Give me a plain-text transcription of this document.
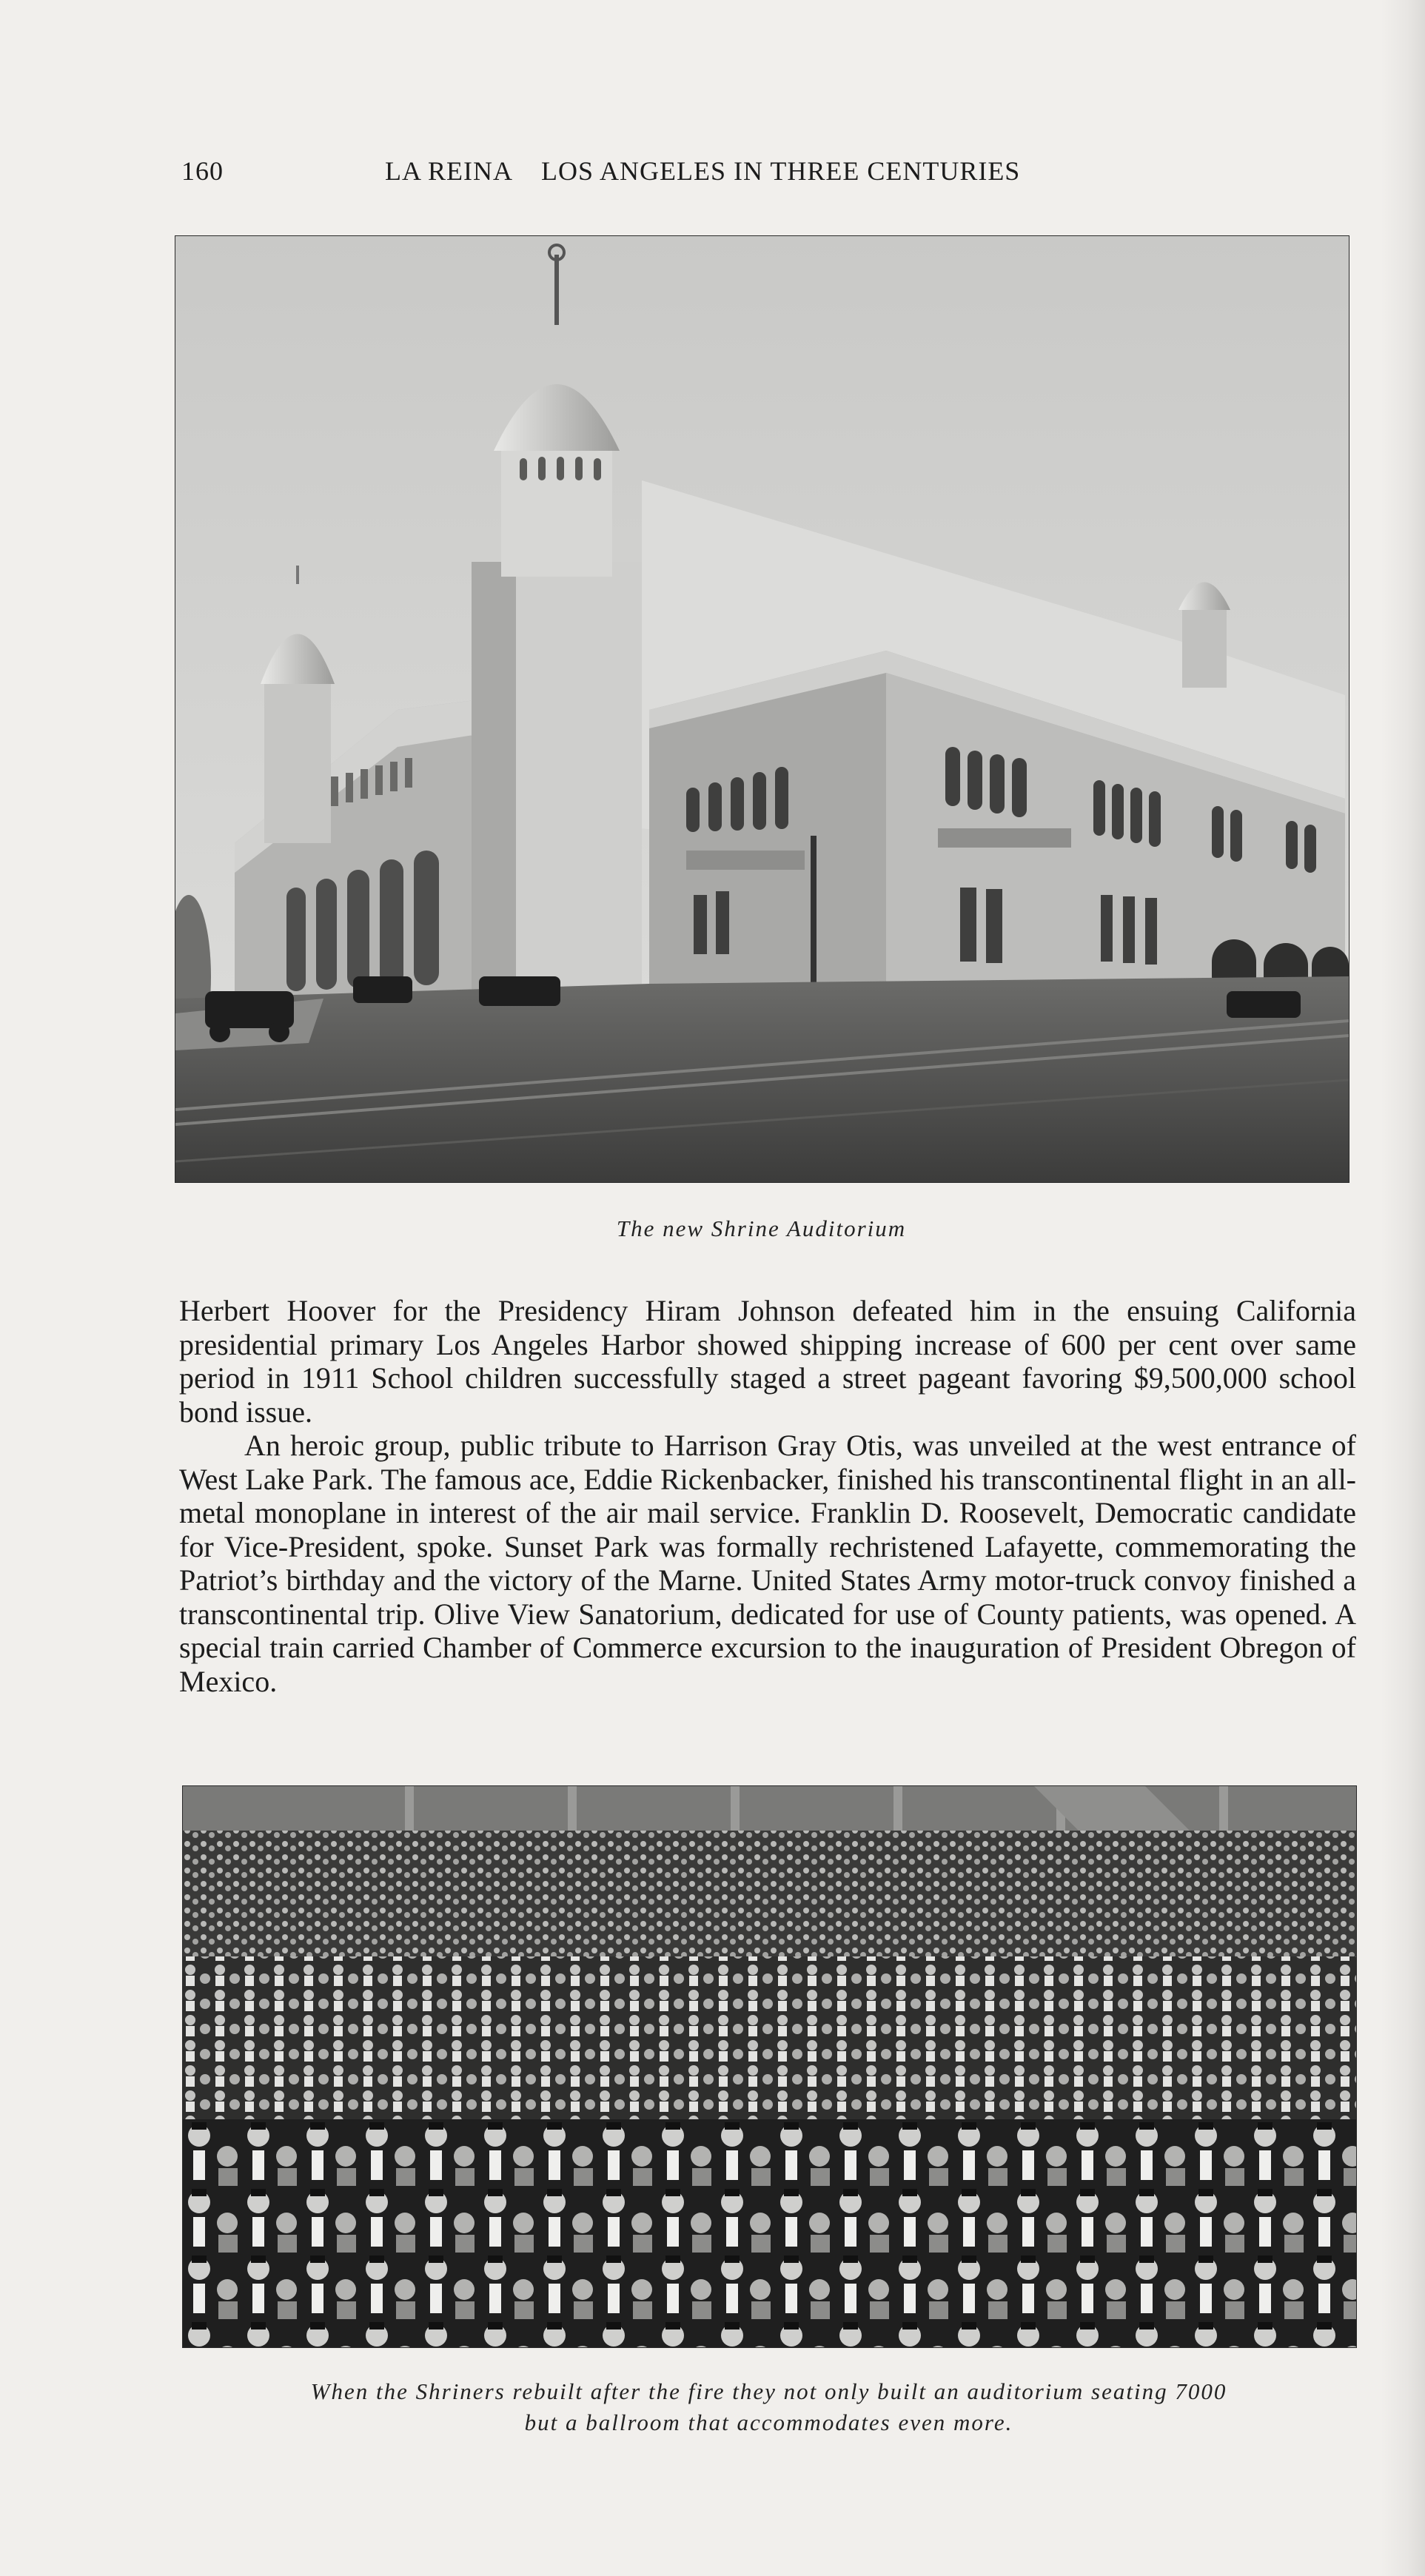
160	LA REINA    LOS ANGELES IN THREE CENTURIES
The new Shrine Auditorium

Herbert Hoover for the Presidency Hiram Johnson defeated him in the ensuing California presidential primary Los Angeles Harbor showed shipping increase of 600 per cent over same period in 1911 School children successfully staged a street pageant favoring $9,500,000 school bond issue.

An heroic group, public tribute to Harrison Gray Otis, was unveiled at the west entrance of West Lake Park. The famous ace, Eddie Rickenbacker, finished his transcontinental flight in an all-metal monoplane in interest of the air mail service. Franklin D. Roosevelt, Democratic candidate for Vice-President, spoke. Sunset Park was formally rechristened Lafayette, commemorating the Patriot’s birthday and the victory of the Marne. United States Army motor-truck convoy finished a transcontinental trip. Olive View Sanatorium, dedicated for use of County patients, was opened. A special train carried Chamber of Commerce excursion to the inauguration of President Obregon of Mexico.

When the Shriners rebuilt after the fire they not only built an auditorium seating 7000
but a ballroom that accommodates even more.
